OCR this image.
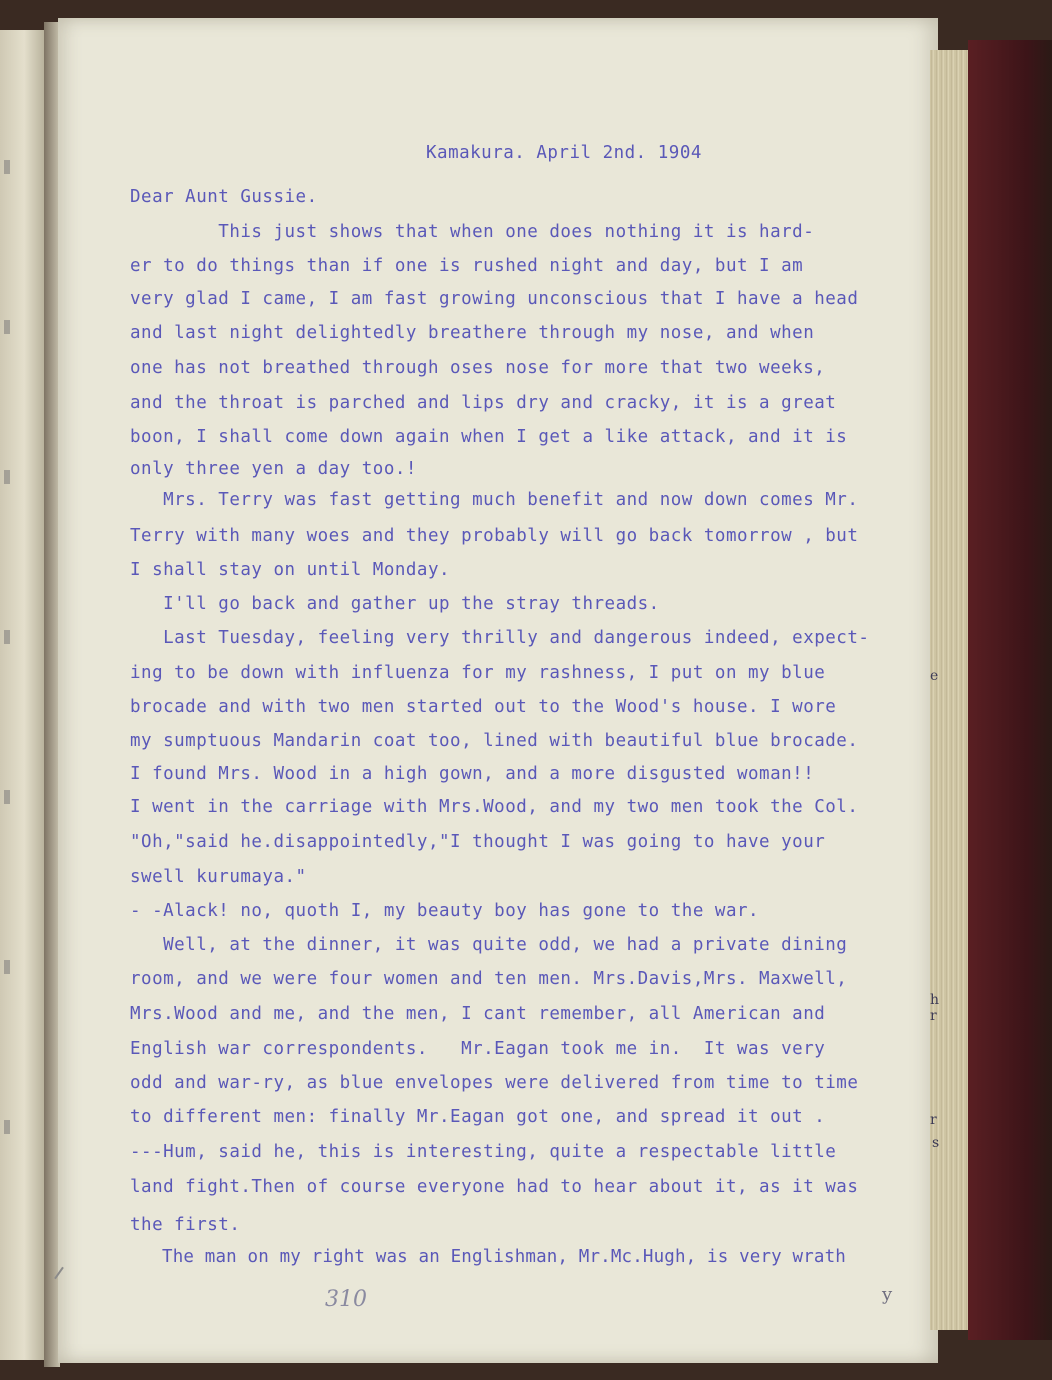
e
h
r
r
s

Kamakura. April 2nd. 1904

Dear Aunt Gussie.

This just shows that when one does nothing it is hard-

er to do things than if one is rushed night and day, but I am

very glad I came, I am fast growing unconscious that I have a head

and last night delightedly breathere through my nose, and when

one has not breathed through oses nose for more that two weeks,

and the throat is parched and lips dry and cracky, it is a great

boon, I shall come down again when I get a like attack, and it is

only three yen a day too.!

Mrs. Terry was fast getting much benefit and now down comes Mr.

Terry with many woes and they probably will go back tomorrow , but

I shall stay on until Monday.

I'll go back and gather up the stray threads.

Last Tuesday, feeling very thrilly and dangerous indeed, expect-

ing to be down with influenza for my rashness, I put on my blue

brocade and with two men started out to the Wood's house. I wore

my sumptuous Mandarin coat too, lined with beautiful blue brocade.

I found Mrs. Wood in a high gown, and a more disgusted woman!!

I went in the carriage with Mrs.Wood, and my two men took the Col.

"Oh,"said he.disappointedly,"I thought I was going to have your

swell kurumaya."

- -Alack! no, quoth I, my beauty boy has gone to the war.

Well, at the dinner, it was quite odd, we had a private dining

room, and we were four women and ten men. Mrs.Davis,Mrs. Maxwell,

Mrs.Wood and me, and the men, I cant remember, all American and

English war correspondents.   Mr.Eagan took me in.  It was very

odd and war-ry, as blue envelopes were delivered from time to time

to different men: finally Mr.Eagan got one, and spread it out .

---Hum, said he, this is interesting, quite a respectable little

land fight.Then of course everyone had to hear about it, as it was

the first.

The man on my right was an Englishman, Mr.Mc.Hugh, is very wrath

310	y
